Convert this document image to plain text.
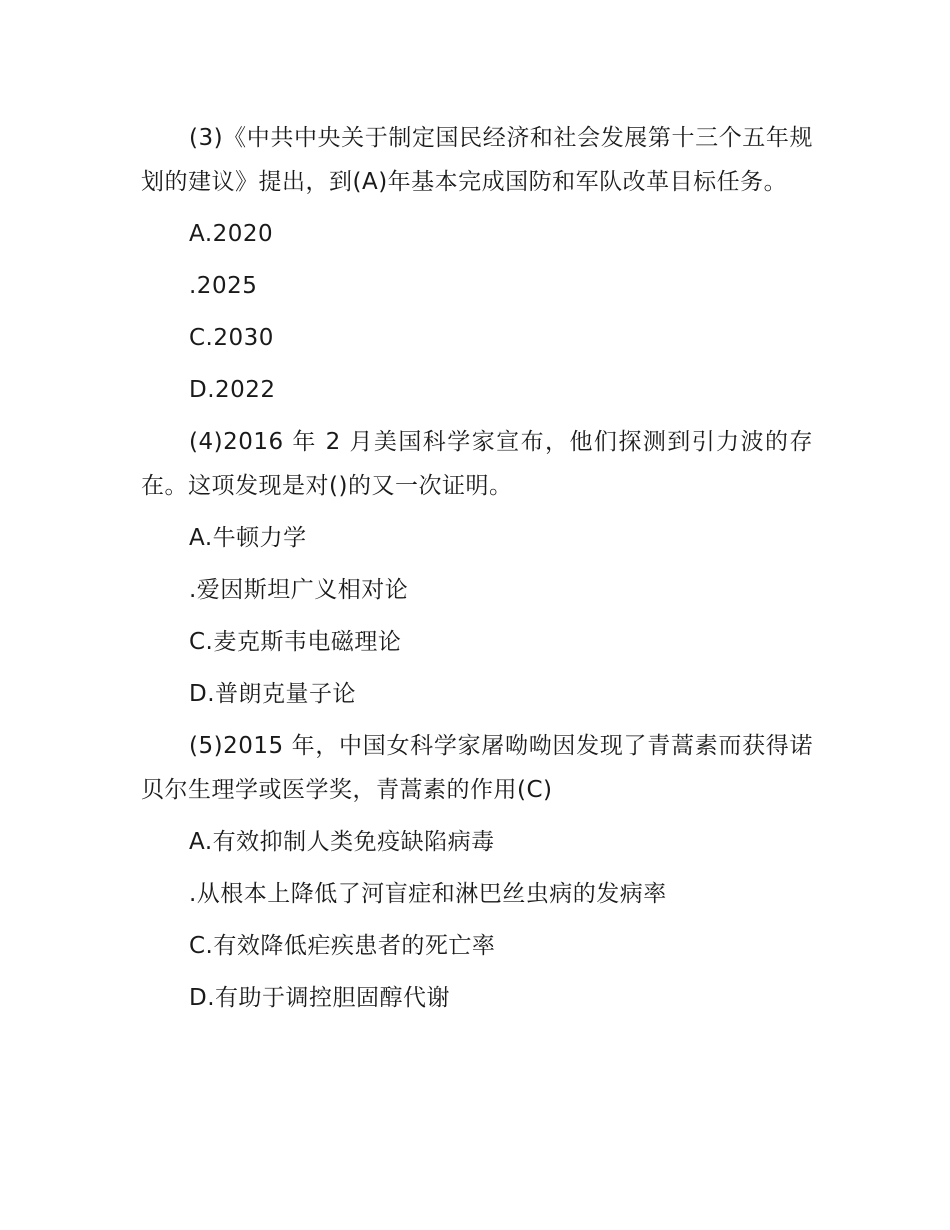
(3)《中共中央关于制定国民经济和社会发展第十三个五年规划的建议》提出，到(A)年基本完成国防和军队改革目标任务。

A.2020
.2025
C.2030
D.2022

(4)2016 年 2 月美国科学家宣布，他们探测到引力波的存在。这项发现是对()的又一次证明。

A.牛顿力学
.爱因斯坦广义相对论
C.麦克斯韦电磁理论
D.普朗克量子论

(5)2015 年，中国女科学家屠呦呦因发现了青蒿素而获得诺贝尔生理学或医学奖，青蒿素的作用(C)

A.有效抑制人类免疫缺陷病毒
.从根本上降低了河盲症和淋巴丝虫病的发病率
C.有效降低疟疾患者的死亡率
D.有助于调控胆固醇代谢
